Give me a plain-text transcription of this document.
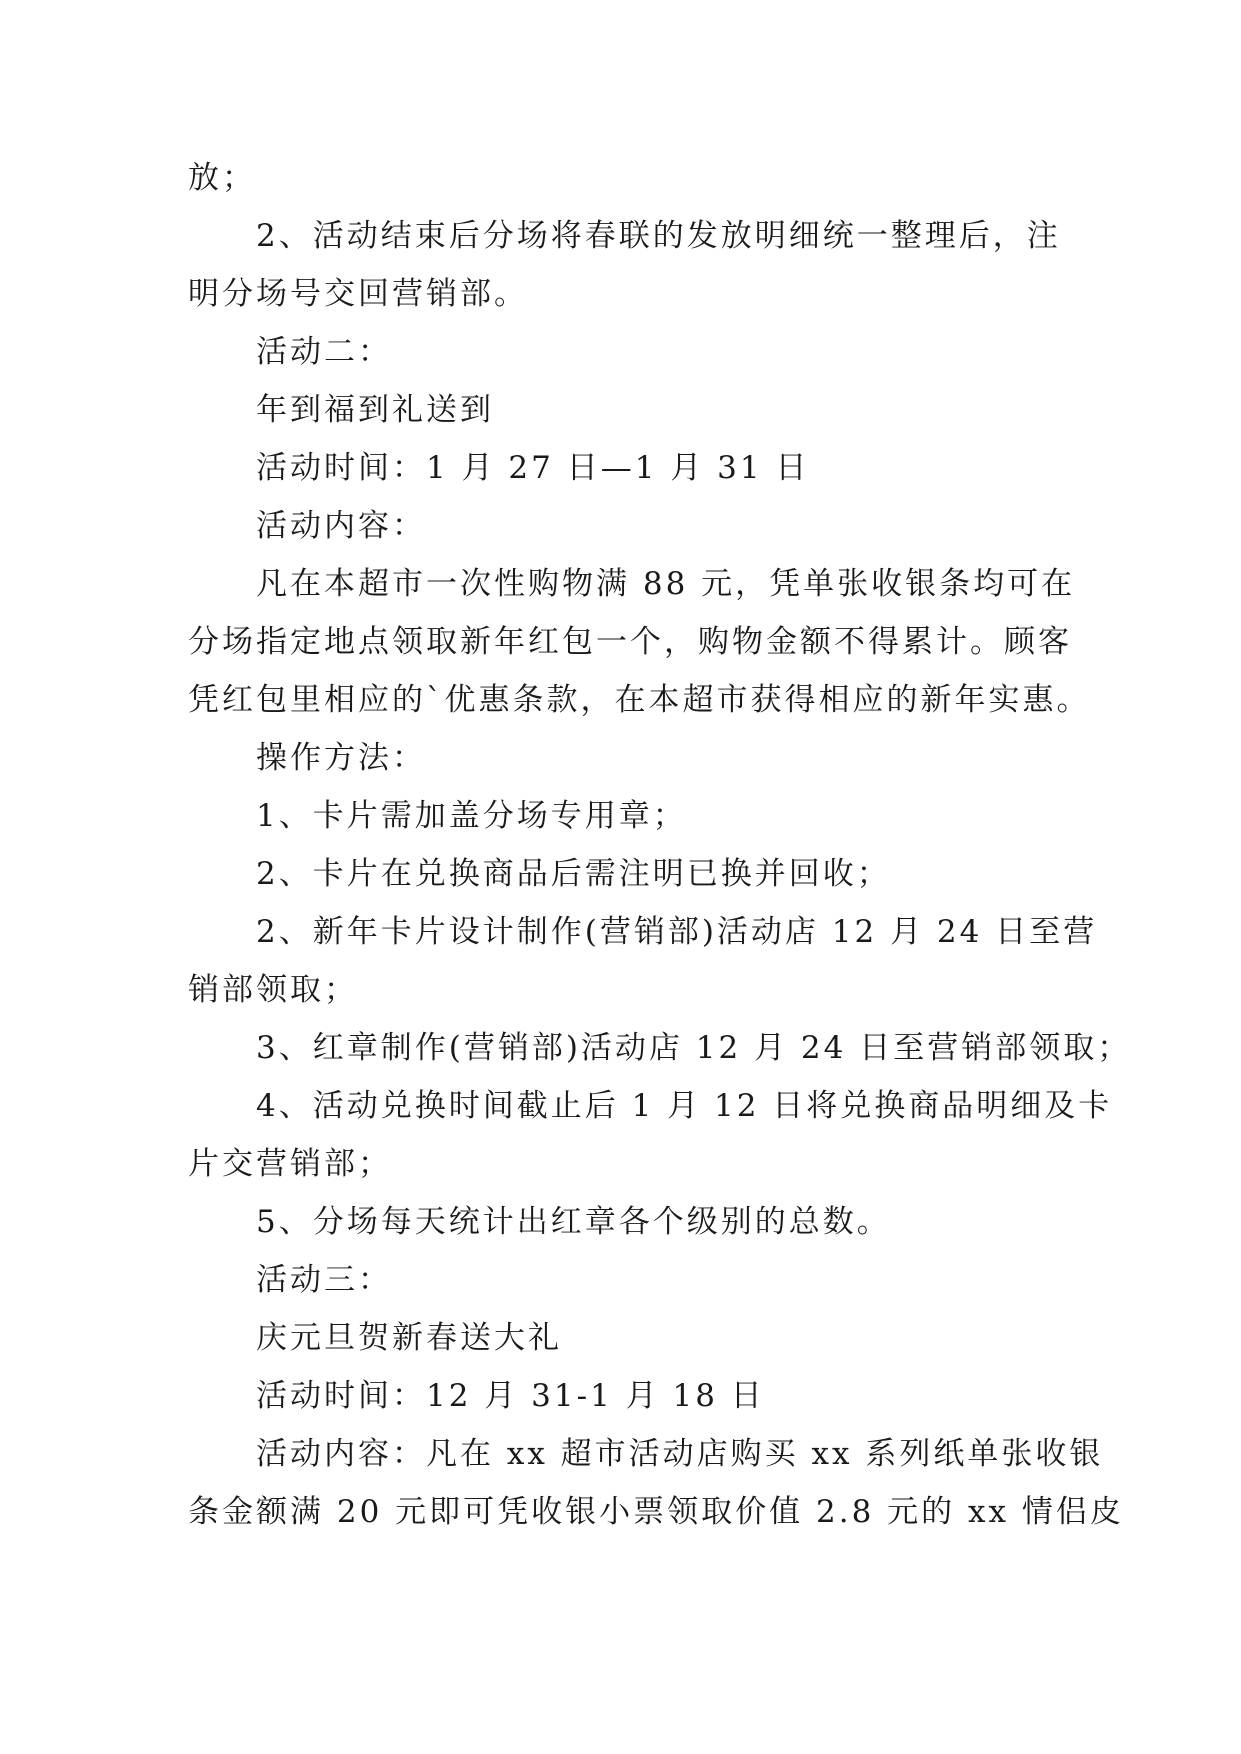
放；
2、活动结束后分场将春联的发放明细统一整理后，注
明分场号交回营销部。
活动二：
年到福到礼送到
活动时间：1 月 27 日—1 月 31 日
活动内容：
凡在本超市一次性购物满 88 元，凭单张收银条均可在
分场指定地点领取新年红包一个，购物金额不得累计。顾客
凭红包里相应的`优惠条款，在本超市获得相应的新年实惠。
操作方法：
1、卡片需加盖分场专用章；
2、卡片在兑换商品后需注明已换并回收；
2、新年卡片设计制作(营销部)活动店 12 月 24 日至营
销部领取；
3、红章制作(营销部)活动店 12 月 24 日至营销部领取；
4、活动兑换时间截止后 1 月 12 日将兑换商品明细及卡
片交营销部；
5、分场每天统计出红章各个级别的总数。
活动三：
庆元旦贺新春送大礼
活动时间：12 月 31-1 月 18 日
活动内容：凡在 xx 超市活动店购买 xx 系列纸单张收银
条金额满 20 元即可凭收银小票领取价值 2.8 元的 xx 情侣皮
